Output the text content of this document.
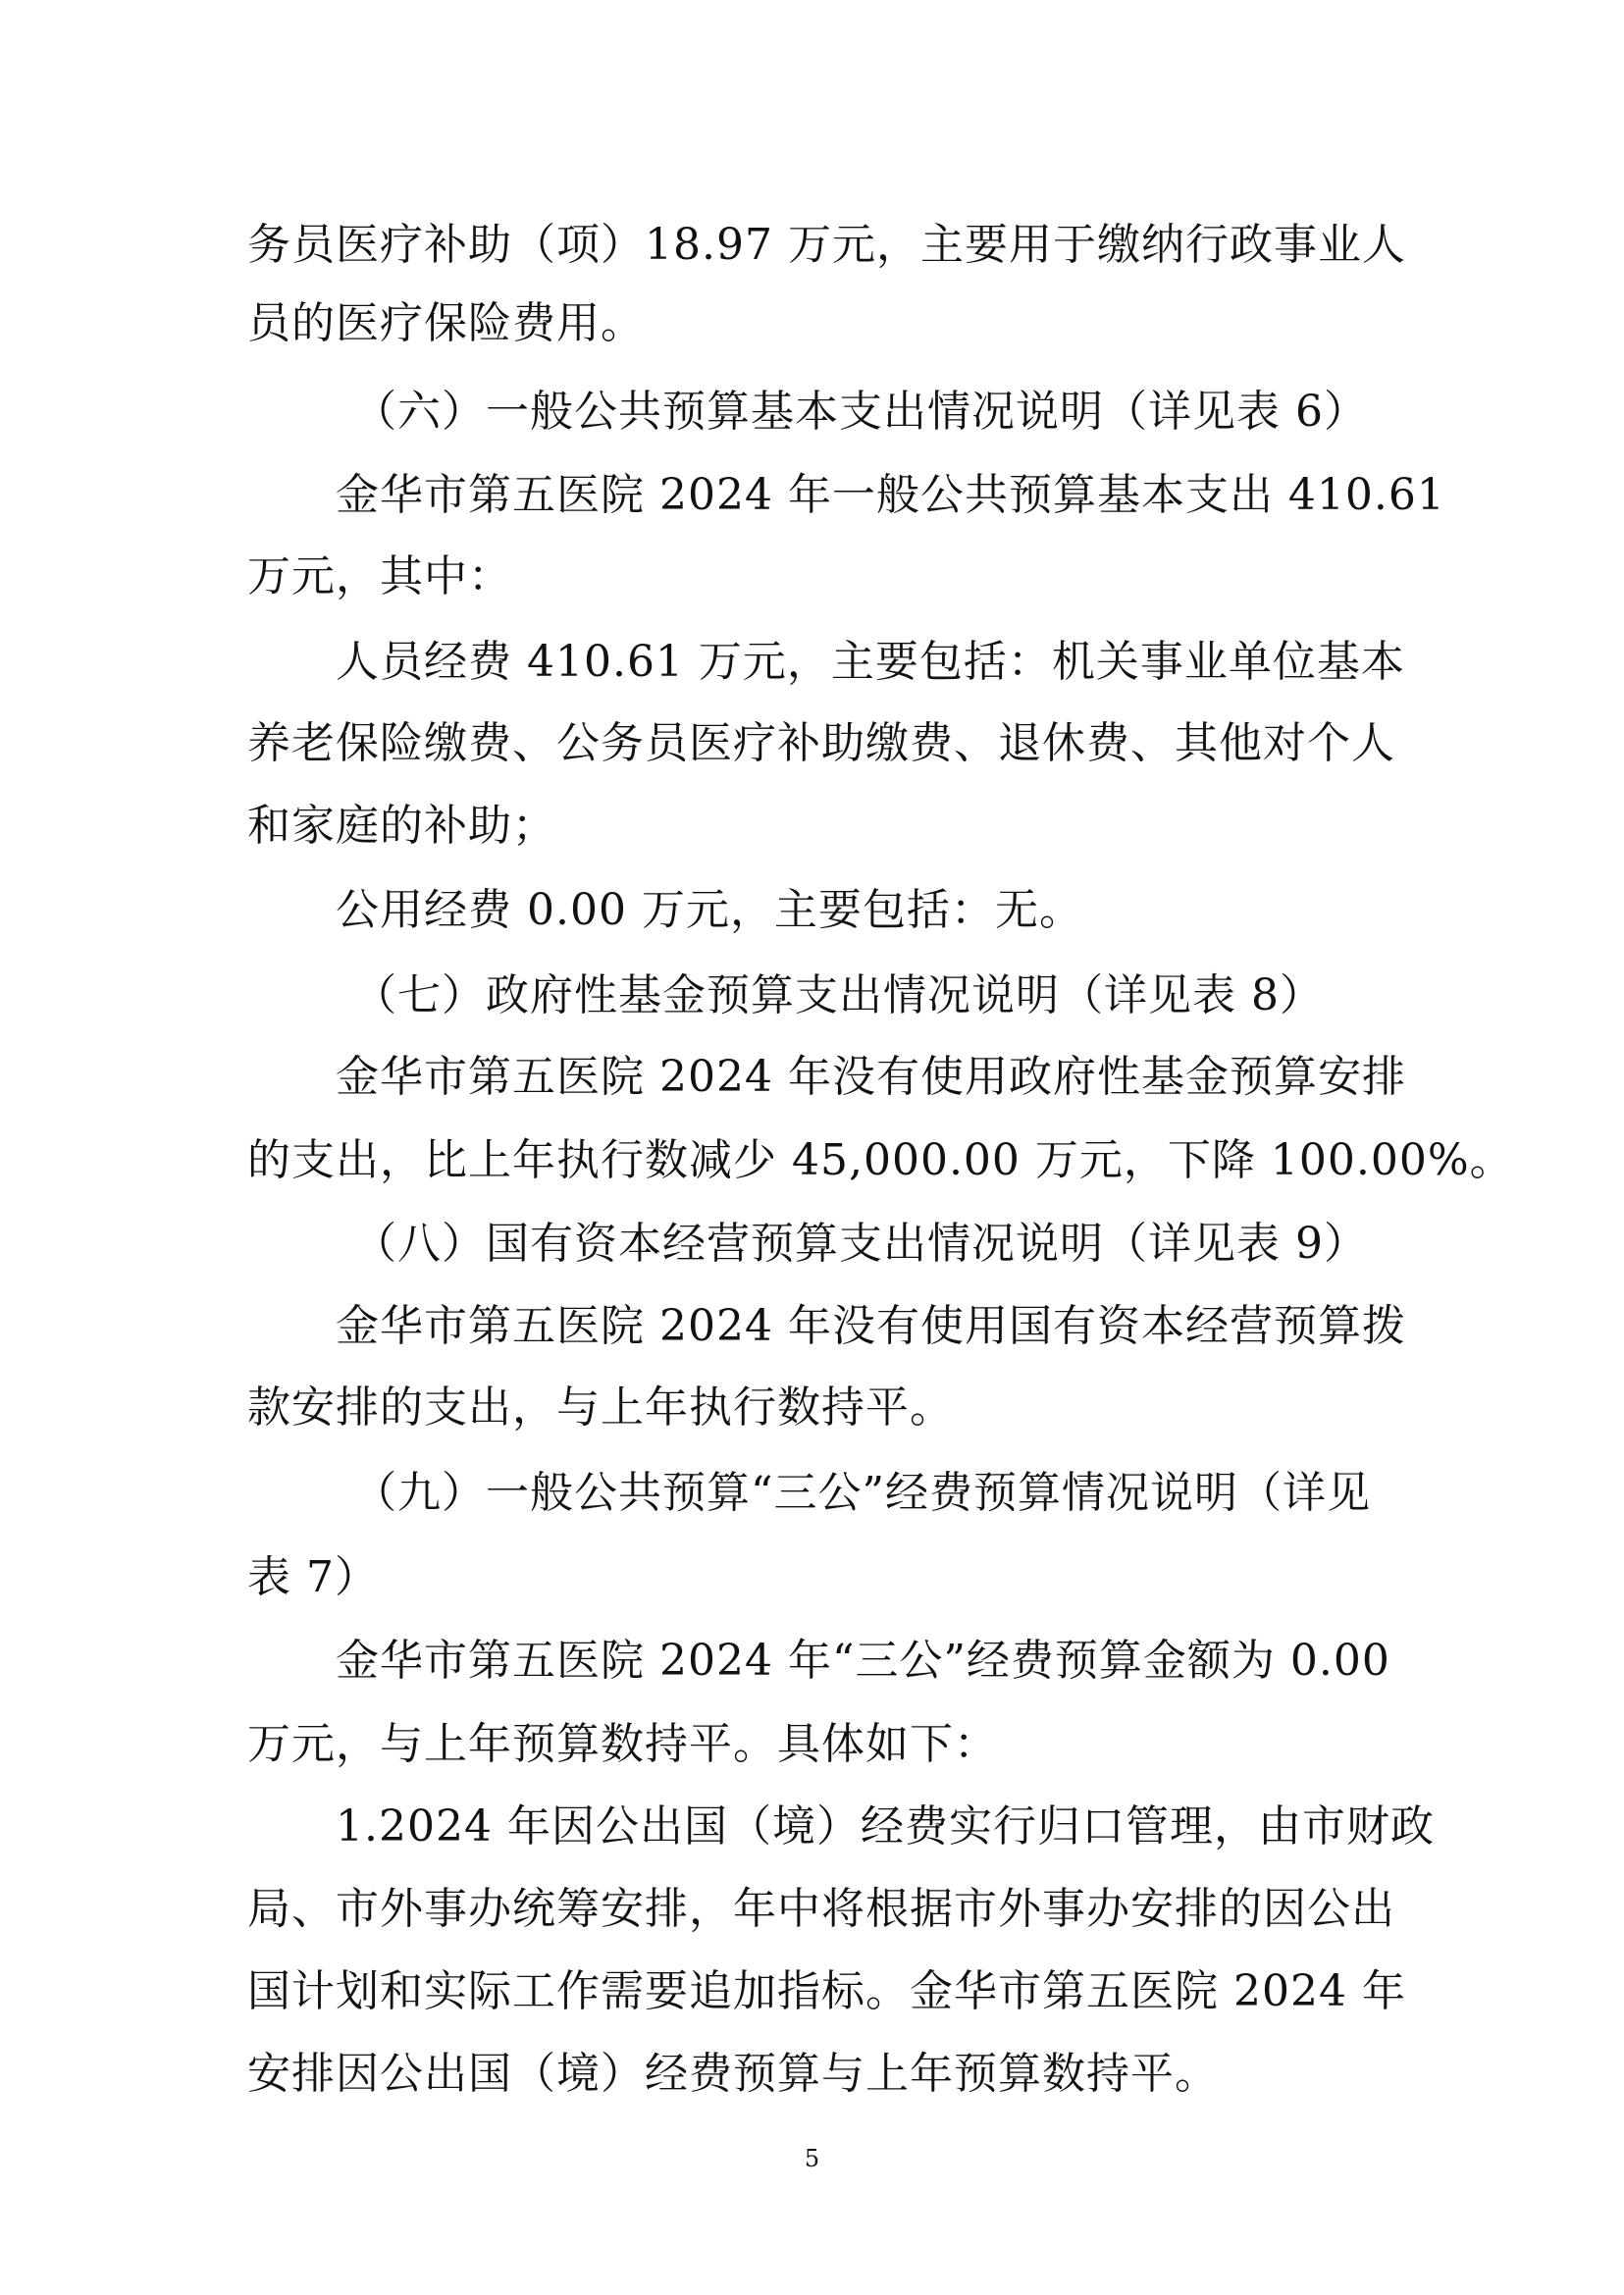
务员医疗补助（项）18.97 万元，主要用于缴纳行政事业人
员的医疗保险费用。
（六）一般公共预算基本支出情况说明（详见表 6）
金华市第五医院 2024 年一般公共预算基本支出 410.61
万元，其中：
人员经费 410.61 万元，主要包括：机关事业单位基本
养老保险缴费、公务员医疗补助缴费、退休费、其他对个人
和家庭的补助；
公用经费 0.00 万元，主要包括：无。
（七）政府性基金预算支出情况说明（详见表 8）
金华市第五医院 2024 年没有使用政府性基金预算安排
的支出，比上年执行数减少 45,000.00 万元，下降 100.00%。
（八）国有资本经营预算支出情况说明（详见表 9）
金华市第五医院 2024 年没有使用国有资本经营预算拨
款安排的支出，与上年执行数持平。
（九）一般公共预算“三公”经费预算情况说明（详见
表 7）
金华市第五医院 2024 年“三公”经费预算金额为 0.00
万元，与上年预算数持平。具体如下：
1.2024 年因公出国（境）经费实行归口管理，由市财政
局、市外事办统筹安排，年中将根据市外事办安排的因公出
国计划和实际工作需要追加指标。金华市第五医院 2024 年
安排因公出国（境）经费预算与上年预算数持平。
5
